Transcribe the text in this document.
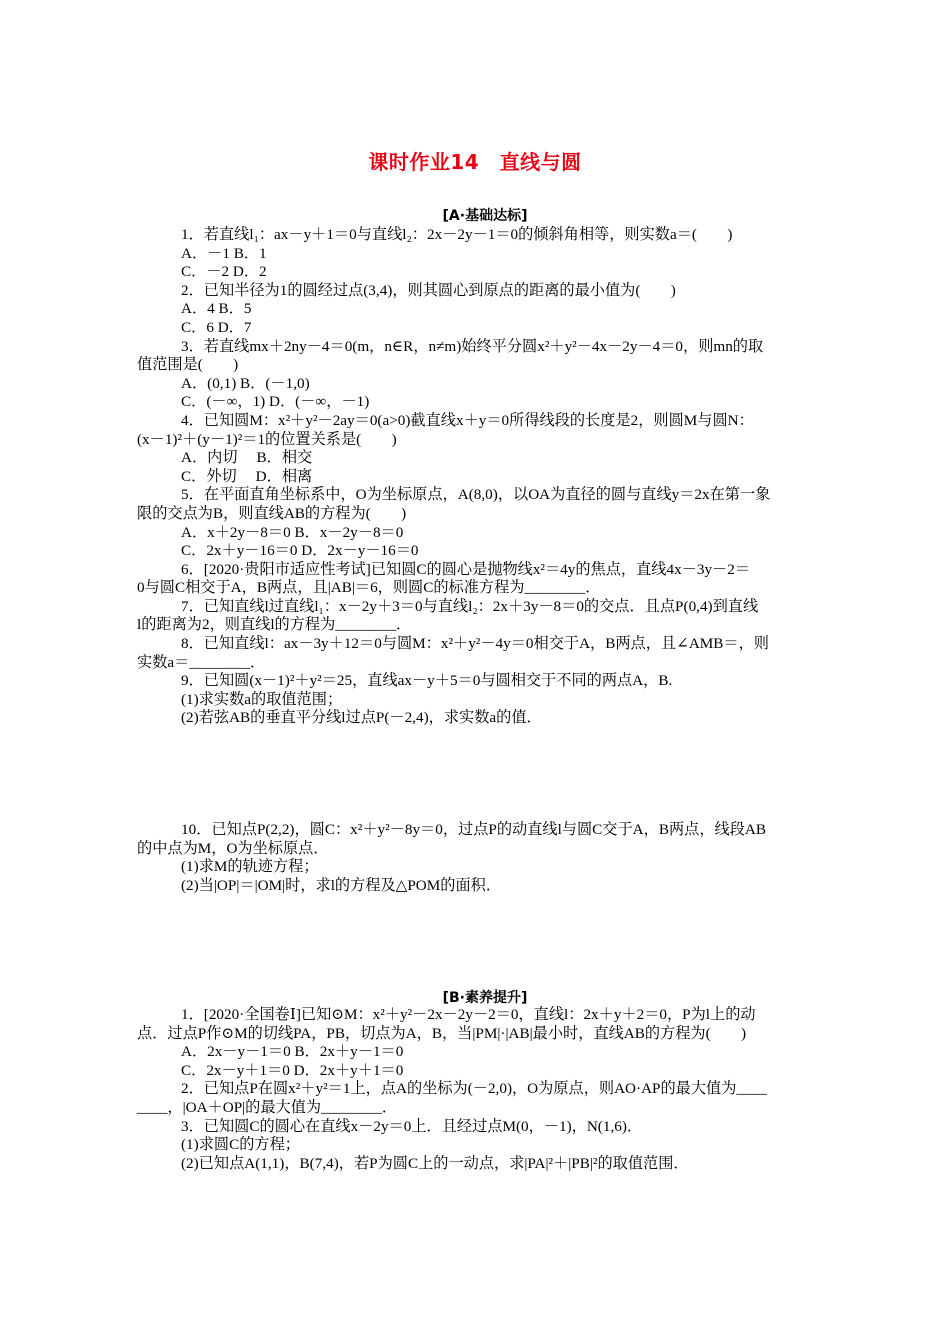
课时作业14　直线与圆
[A·基础达标]

1．若直线l₁：ax－y＋1＝0与直线l₂：2x－2y－1＝0的倾斜角相等，则实数a＝(　　)

A．－1 B．1

C．－2 D．2

2．已知半径为1的圆经过点(3,4)，则其圆心到原点的距离的最小值为(　　)

A．4 B．5

C．6 D．7

3．若直线mx＋2ny－4＝0(m，n∈R，n≠m)始终平分圆x²＋y²－4x－2y－4＝0，则mn的取

值范围是(　　)

A．(0,1) B．(－1,0)

C．(－∞，1) D．(－∞，－1)

4．已知圆M：x²＋y²－2ay＝0(a>0)截直线x＋y＝0所得线段的长度是2，则圆M与圆N：

(x－1)²＋(y－1)²＝1的位置关系是(　　)

A．内切　 B．相交

C．外切　 D．相离

5．在平面直角坐标系中，O为坐标原点，A(8,0)，以OA为直径的圆与直线y＝2x在第一象

限的交点为B，则直线AB的方程为(　　)

A．x＋2y－8＝0 B．x－2y－8＝0

C．2x＋y－16＝0 D．2x－y－16＝0

6．[2020·贵阳市适应性考试]已知圆C的圆心是抛物线x²＝4y的焦点，直线4x－3y－2＝

0与圆C相交于A，B两点，且|AB|＝6，则圆C的标准方程为________．

7．已知直线l过直线l₁：x－2y＋3＝0与直线l₂：2x＋3y－8＝0的交点．且点P(0,4)到直线

l的距离为2，则直线l的方程为________．

8．已知直线l：ax－3y＋12＝0与圆M：x²＋y²－4y＝0相交于A，B两点，且∠AMB＝，则

实数a＝________．

9．已知圆(x－1)²＋y²＝25，直线ax－y＋5＝0与圆相交于不同的两点A，B.

(1)求实数a的取值范围；

(2)若弦AB的垂直平分线l过点P(－2,4)，求实数a的值．

10．已知点P(2,2)，圆C：x²＋y²－8y＝0，过点P的动直线l与圆C交于A，B两点，线段AB

的中点为M，O为坐标原点．

(1)求M的轨迹方程；

(2)当|OP|＝|OM|时，求l的方程及△POM的面积．

[B·素养提升]

1．[2020·全国卷Ⅰ]已知⊙M：x²＋y²－2x－2y－2＝0，直线l：2x＋y＋2＝0，P为l上的动

点．过点P作⊙M的切线PA，PB，切点为A，B，当|PM|·|AB|最小时，直线AB的方程为(　　)

A．2x－y－1＝0 B．2x＋y－1＝0

C．2x－y＋1＝0 D．2x＋y＋1＝0

2．已知点P在圆x²＋y²＝1上，点A的坐标为(－2,0)，O为原点，则AO·AP的最大值为____

____，|OA＋OP|的最大值为________．

3．已知圆C的圆心在直线x－2y＝0上．且经过点M(0，－1)，N(1,6)．

(1)求圆C的方程；

(2)已知点A(1,1)，B(7,4)，若P为圆C上的一动点，求|PA|²＋|PB|²的取值范围．
